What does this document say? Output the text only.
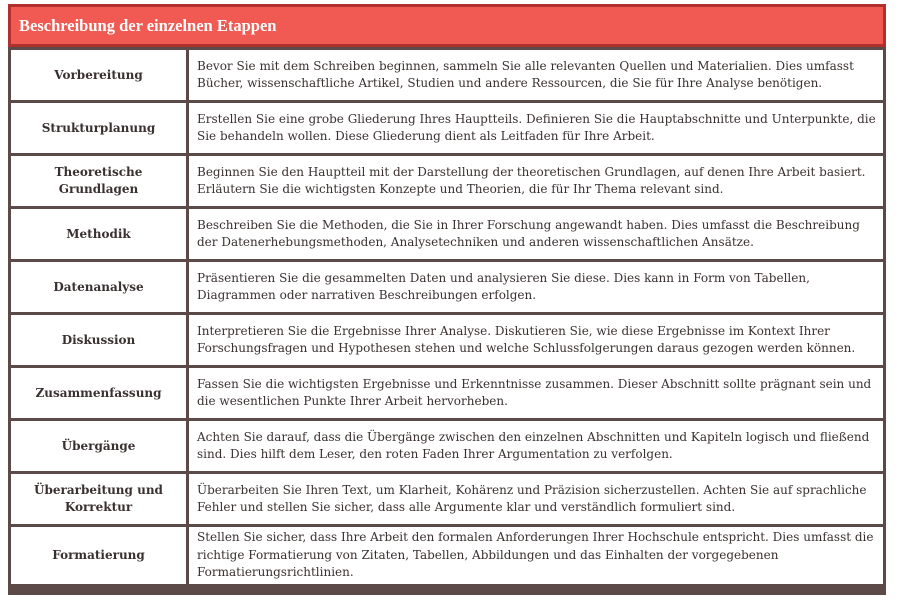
Beschreibung der einzelnen Etappen
Vorbereitung
Bevor Sie mit dem Schreiben beginnen, sammeln Sie alle relevanten Quellen und Materialien. Dies umfasst Bücher, wissenschaftliche Artikel, Studien und andere Ressourcen, die Sie für Ihre Analyse benötigen.
Strukturplanung
Erstellen Sie eine grobe Gliederung Ihres Hauptteils. Definieren Sie die Hauptabschnitte und Unterpunkte, die Sie behandeln wollen. Diese Gliederung dient als Leitfaden für Ihre Arbeit.
Theoretische Grundlagen
Beginnen Sie den Hauptteil mit der Darstellung der theoretischen Grundlagen, auf denen Ihre Arbeit basiert. Erläutern Sie die wichtigsten Konzepte und Theorien, die für Ihr Thema relevant sind.
Methodik
Beschreiben Sie die Methoden, die Sie in Ihrer Forschung angewandt haben. Dies umfasst die Beschreibung der Datenerhebungsmethoden, Analysetechniken und anderen wissenschaftlichen Ansätze.
Datenanalyse
Präsentieren Sie die gesammelten Daten und analysieren Sie diese. Dies kann in Form von Tabellen, Diagrammen oder narrativen Beschreibungen erfolgen.
Diskussion
Interpretieren Sie die Ergebnisse Ihrer Analyse. Diskutieren Sie, wie diese Ergebnisse im Kontext Ihrer Forschungsfragen und Hypothesen stehen und welche Schlussfolgerungen daraus gezogen werden können.
Zusammenfassung
Fassen Sie die wichtigsten Ergebnisse und Erkenntnisse zusammen. Dieser Abschnitt sollte prägnant sein und die wesentlichen Punkte Ihrer Arbeit hervorheben.
Übergänge
Achten Sie darauf, dass die Übergänge zwischen den einzelnen Abschnitten und Kapiteln logisch und fließend sind. Dies hilft dem Leser, den roten Faden Ihrer Argumentation zu verfolgen.
Überarbeitung und Korrektur
Überarbeiten Sie Ihren Text, um Klarheit, Kohärenz und Präzision sicherzustellen. Achten Sie auf sprachliche Fehler und stellen Sie sicher, dass alle Argumente klar und verständlich formuliert sind.
Formatierung
Stellen Sie sicher, dass Ihre Arbeit den formalen Anforderungen Ihrer Hochschule entspricht. Dies umfasst die richtige Formatierung von Zitaten, Tabellen, Abbildungen und das Einhalten der vorgegebenen Formatierungsrichtlinien.
